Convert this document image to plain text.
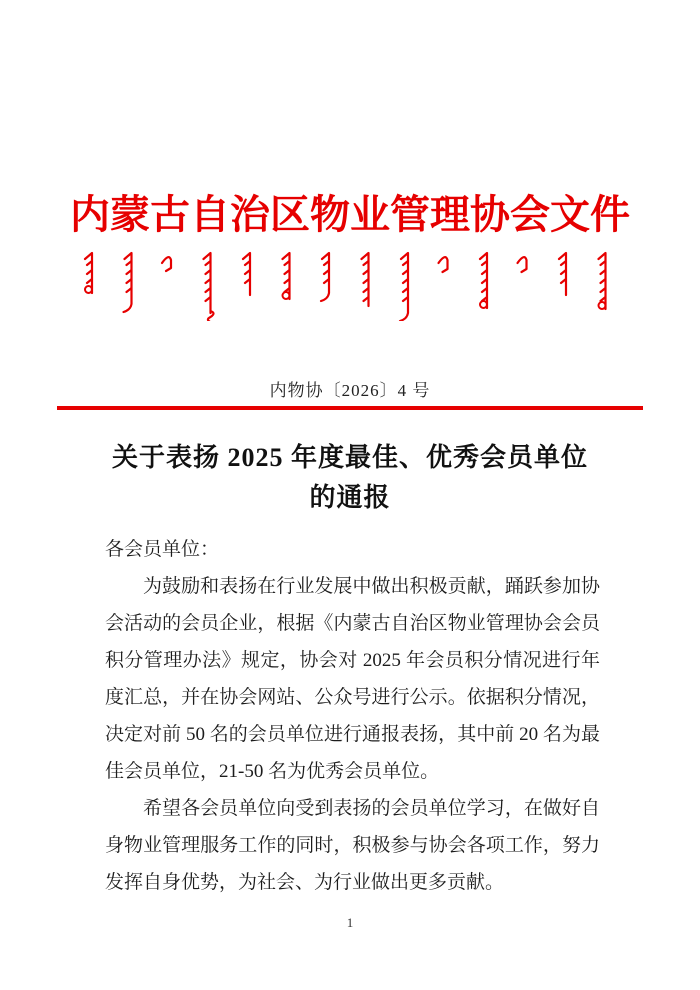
内蒙古自治区物业管理协会文件
内物协〔2026〕4 号
关于表扬 2025 年度最佳、优秀会员单位
的通报

各会员单位：

为鼓励和表扬在行业发展中做出积极贡献，踊跃参加协会活动的会员企业，根据《内蒙古自治区物业管理协会会员积分管理办法》规定，协会对 2025 年会员积分情况进行年度汇总，并在协会网站、公众号进行公示。依据积分情况，决定对前 50 名的会员单位进行通报表扬，其中前 20 名为最佳会员单位，21-50 名为优秀会员单位。

希望各会员单位向受到表扬的会员单位学习，在做好自身物业管理服务工作的同时，积极参与协会各项工作，努力发挥自身优势，为社会、为行业做出更多贡献。

1
